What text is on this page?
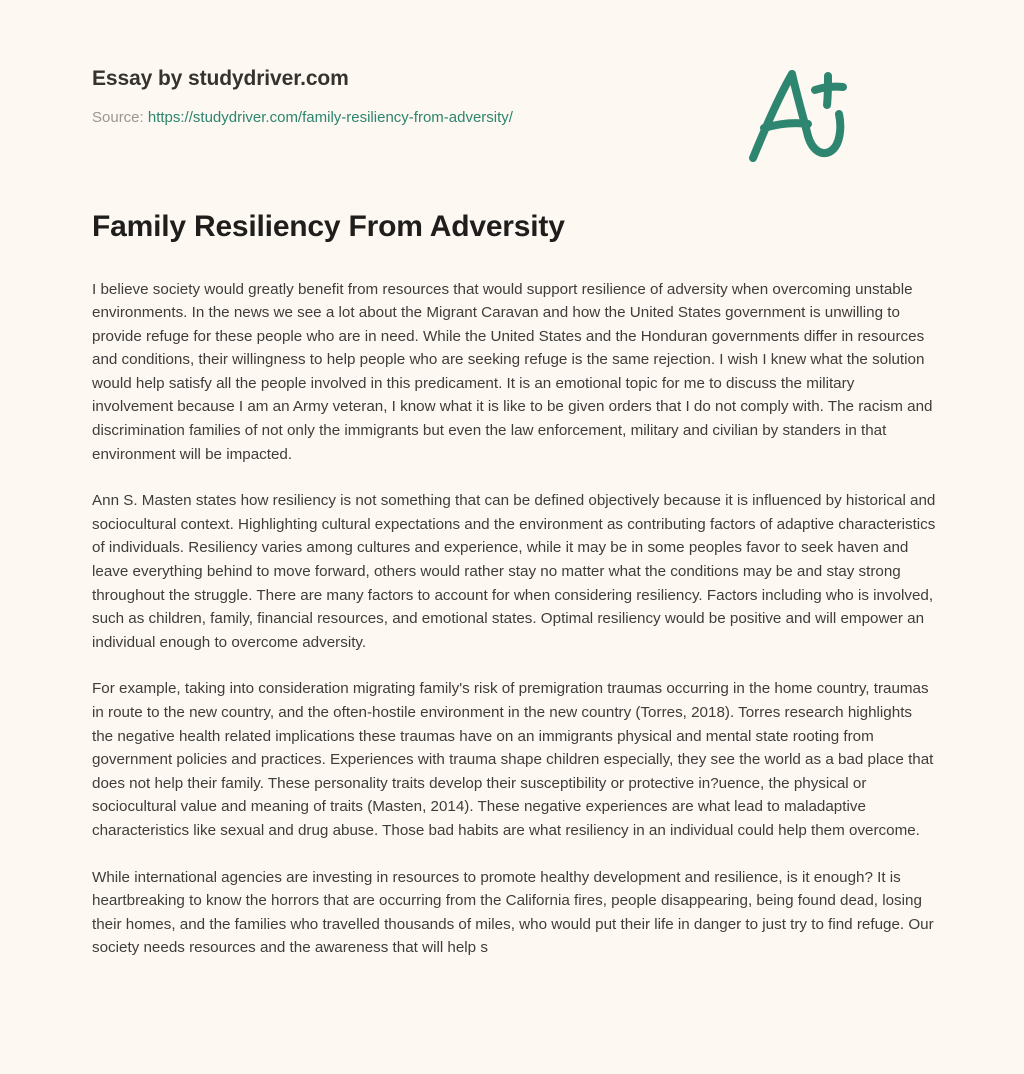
Essay by studydriver.com

Source: https://studydriver.com/family-resiliency-from-adversity/
Family Resiliency From Adversity

I believe society would greatly benefit from resources that would support resilience of adversity when overcoming unstable environments. In the news we see a lot about the Migrant Caravan and how the United States government is unwilling to provide refuge for these people who are in need. While the United States and the Honduran governments differ in resources and conditions, their willingness to help people who are seeking refuge is the same rejection. I wish I knew what the solution would help satisfy all the people involved in this predicament. It is an emotional topic for me to discuss the military involvement because I am an Army veteran, I know what it is like to be given orders that I do not comply with. The racism and discrimination families of not only the immigrants but even the law enforcement, military and civilian by standers in that environment will be impacted.

Ann S. Masten states how resiliency is not something that can be defined objectively because it is influenced by historical and sociocultural context. Highlighting cultural expectations and the environment as contributing factors of adaptive characteristics of individuals. Resiliency varies among cultures and experience, while it may be in some peoples favor to seek haven and leave everything behind to move forward, others would rather stay no matter what the conditions may be and stay strong throughout the struggle. There are many factors to account for when considering resiliency. Factors including who is involved, such as children, family, financial resources, and emotional states. Optimal resiliency would be positive and will empower an individual enough to overcome adversity.

For example, taking into consideration migrating family's risk of premigration traumas occurring in the home country, traumas in route to the new country, and the often-hostile environment in the new country (Torres, 2018). Torres research highlights the negative health related implications these traumas have on an immigrants physical and mental state rooting from government policies and practices. Experiences with trauma shape children especially, they see the world as a bad place that does not help their family. These personality traits develop their susceptibility or protective in?uence, the physical or sociocultural value and meaning of traits (Masten, 2014). These negative experiences are what lead to maladaptive characteristics like sexual and drug abuse. Those bad habits are what resiliency in an individual could help them overcome.

While international agencies are investing in resources to promote healthy development and resilience, is it enough? It is heartbreaking to know the horrors that are occurring from the California fires, people disappearing, being found dead, losing their homes, and the families who travelled thousands of miles, who would put their life in danger to just try to find refuge. Our society needs resources and the awareness that will help s
